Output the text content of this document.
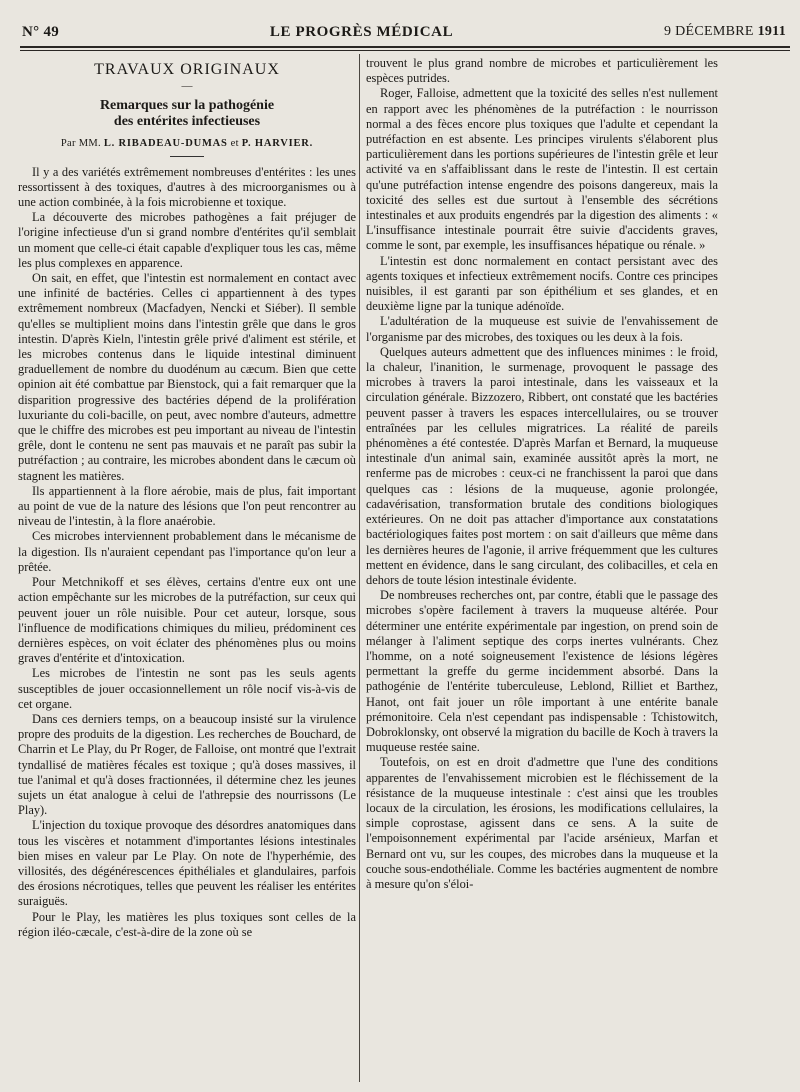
N° 49	LE PROGRÈS MÉDICAL	9 DÉCEMBRE 1911
TRAVAUX ORIGINAUX
—
Remarques sur la pathogénie
des entérites infectieuses
Par MM. L. RIBADEAU-DUMAS et P. HARVIER.

Il y a des variétés extrêmement nombreuses d'entérites : les unes ressortissent à des toxiques, d'autres à des microorganismes ou à une action combinée, à la fois microbienne et toxique.

La découverte des microbes pathogènes a fait préjuger de l'origine infectieuse d'un si grand nombre d'entérites qu'il semblait un moment que celle-ci était capable d'expliquer tous les cas, même les plus complexes en apparence.

On sait, en effet, que l'intestin est normalement en contact avec une infinité de bactéries. Celles ci appartiennent à des types extrêmement nombreux (Macfadyen, Nencki et Siéber). Il semble qu'elles se multiplient moins dans l'intestin grêle que dans le gros intestin. D'après Kieln, l'intestin grêle privé d'aliment est stérile, et les microbes contenus dans le liquide intestinal diminuent graduellement de nombre du duodénum au cæcum. Bien que cette opinion ait été combattue par Bienstock, qui a fait remarquer que la disparition progressive des bactéries dépend de la prolifération luxuriante du coli-bacille, on peut, avec nombre d'auteurs, admettre que le chiffre des microbes est peu important au niveau de l'intestin grêle, dont le contenu ne sent pas mauvais et ne paraît pas subir la putréfaction ; au contraire, les microbes abondent dans le cæcum où stagnent les matières.

Ils appartiennent à la flore aérobie, mais de plus, fait important au point de vue de la nature des lésions que l'on peut rencontrer au niveau de l'intestin, à la flore anaérobie.

Ces microbes interviennent probablement dans le mécanisme de la digestion. Ils n'auraient cependant pas l'importance qu'on leur a prêtée.

Pour Metchnikoff et ses élèves, certains d'entre eux ont une action empêchante sur les microbes de la putréfaction, sur ceux qui peuvent jouer un rôle nuisible. Pour cet auteur, lorsque, sous l'influence de modifications chimiques du milieu, prédominent ces dernières espèces, on voit éclater des phénomènes plus ou moins graves d'entérite et d'intoxication.

Les microbes de l'intestin ne sont pas les seuls agents susceptibles de jouer occasionnellement un rôle nocif vis-à-vis de cet organe.

Dans ces derniers temps, on a beaucoup insisté sur la virulence propre des produits de la digestion. Les recherches de Bouchard, de Charrin et Le Play, du Pr Roger, de Falloise, ont montré que l'extrait tyndallisé de matières fécales est toxique ; qu'à doses massives, il tue l'animal et qu'à doses fractionnées, il détermine chez les jeunes sujets un état analogue à celui de l'athrepsie des nourrissons (Le Play).

L'injection du toxique provoque des désordres anatomiques dans tous les viscères et notamment d'importantes lésions intestinales bien mises en valeur par Le Play. On note de l'hyperhémie, des villosités, des dégénérescences épithéliales et glandulaires, parfois des érosions nécrotiques, telles que peuvent les réaliser les entérites suraiguës.

Pour le Play, les matières les plus toxiques sont celles de la région iléo-cæcale, c'est-à-dire de la zone où se

trouvent le plus grand nombre de microbes et particulièrement les espèces putrides.

Roger, Falloise, admettent que la toxicité des selles n'est nullement en rapport avec les phénomènes de la putréfaction : le nourrisson normal a des fèces encore plus toxiques que l'adulte et cependant la putréfaction en est absente. Les principes virulents s'élaborent plus particulièrement dans les portions supérieures de l'intestin grêle et leur activité va en s'affaiblissant dans le reste de l'intestin. Il est certain qu'une putréfaction intense engendre des poisons dangereux, mais la toxicité des selles est due surtout à l'ensemble des sécrétions intestinales et aux produits engendrés par la digestion des aliments : « L'insuffisance intestinale pourrait être suivie d'accidents graves, comme le sont, par exemple, les insuffisances hépatique ou rénale. »

L'intestin est donc normalement en contact persistant avec des agents toxiques et infectieux extrêmement nocifs. Contre ces principes nuisibles, il est garanti par son épithélium et ses glandes, et en deuxième ligne par la tunique adénoïde.

L'adultération de la muqueuse est suivie de l'envahissement de l'organisme par des microbes, des toxiques ou les deux à la fois.

Quelques auteurs admettent que des influences minimes : le froid, la chaleur, l'inanition, le surmenage, provoquent le passage des microbes à travers la paroi intestinale, dans les vaisseaux et la circulation générale. Bizzozero, Ribbert, ont constaté que les bactéries peuvent passer à travers les espaces intercellulaires, ou se trouver entraînées par les cellules migratrices. La réalité de pareils phénomènes a été contestée. D'après Marfan et Bernard, la muqueuse intestinale d'un animal sain, examinée aussitôt après la mort, ne renferme pas de microbes : ceux-ci ne franchissent la paroi que dans quelques cas : lésions de la muqueuse, agonie prolongée, cadavérisation, transformation brutale des conditions biologiques extérieures. On ne doit pas attacher d'importance aux constatations bactériologiques faites post mortem : on sait d'ailleurs que même dans les dernières heures de l'agonie, il arrive fréquemment que les cultures mettent en évidence, dans le sang circulant, des colibacilles, et cela en dehors de toute lésion intestinale évidente.

De nombreuses recherches ont, par contre, établi que le passage des microbes s'opère facilement à travers la muqueuse altérée. Pour déterminer une entérite expérimentale par ingestion, on prend soin de mélanger à l'aliment septique des corps inertes vulnérants. Chez l'homme, on a noté soigneusement l'existence de lésions légères permettant la greffe du germe incidemment absorbé. Dans la pathogénie de l'entérite tuberculeuse, Leblond, Rilliet et Barthez, Hanot, ont fait jouer un rôle important à une entérite banale prémonitoire. Cela n'est cependant pas indispensable : Tchistowitch, Dobroklonsky, ont observé la migration du bacille de Koch à travers la muqueuse restée saine.

Toutefois, on est en droit d'admettre que l'une des conditions apparentes de l'envahissement microbien est le fléchissement de la résistance de la muqueuse intestinale : c'est ainsi que les troubles locaux de la circulation, les érosions, les modifications cellulaires, la simple coprostase, agissent dans ce sens. A la suite de l'empoisonnement expérimental par l'acide arsénieux, Marfan et Bernard ont vu, sur les coupes, des microbes dans la muqueuse et la couche sous-endothéliale. Comme les bactéries augmentent de nombre à mesure qu'on s'éloi-
